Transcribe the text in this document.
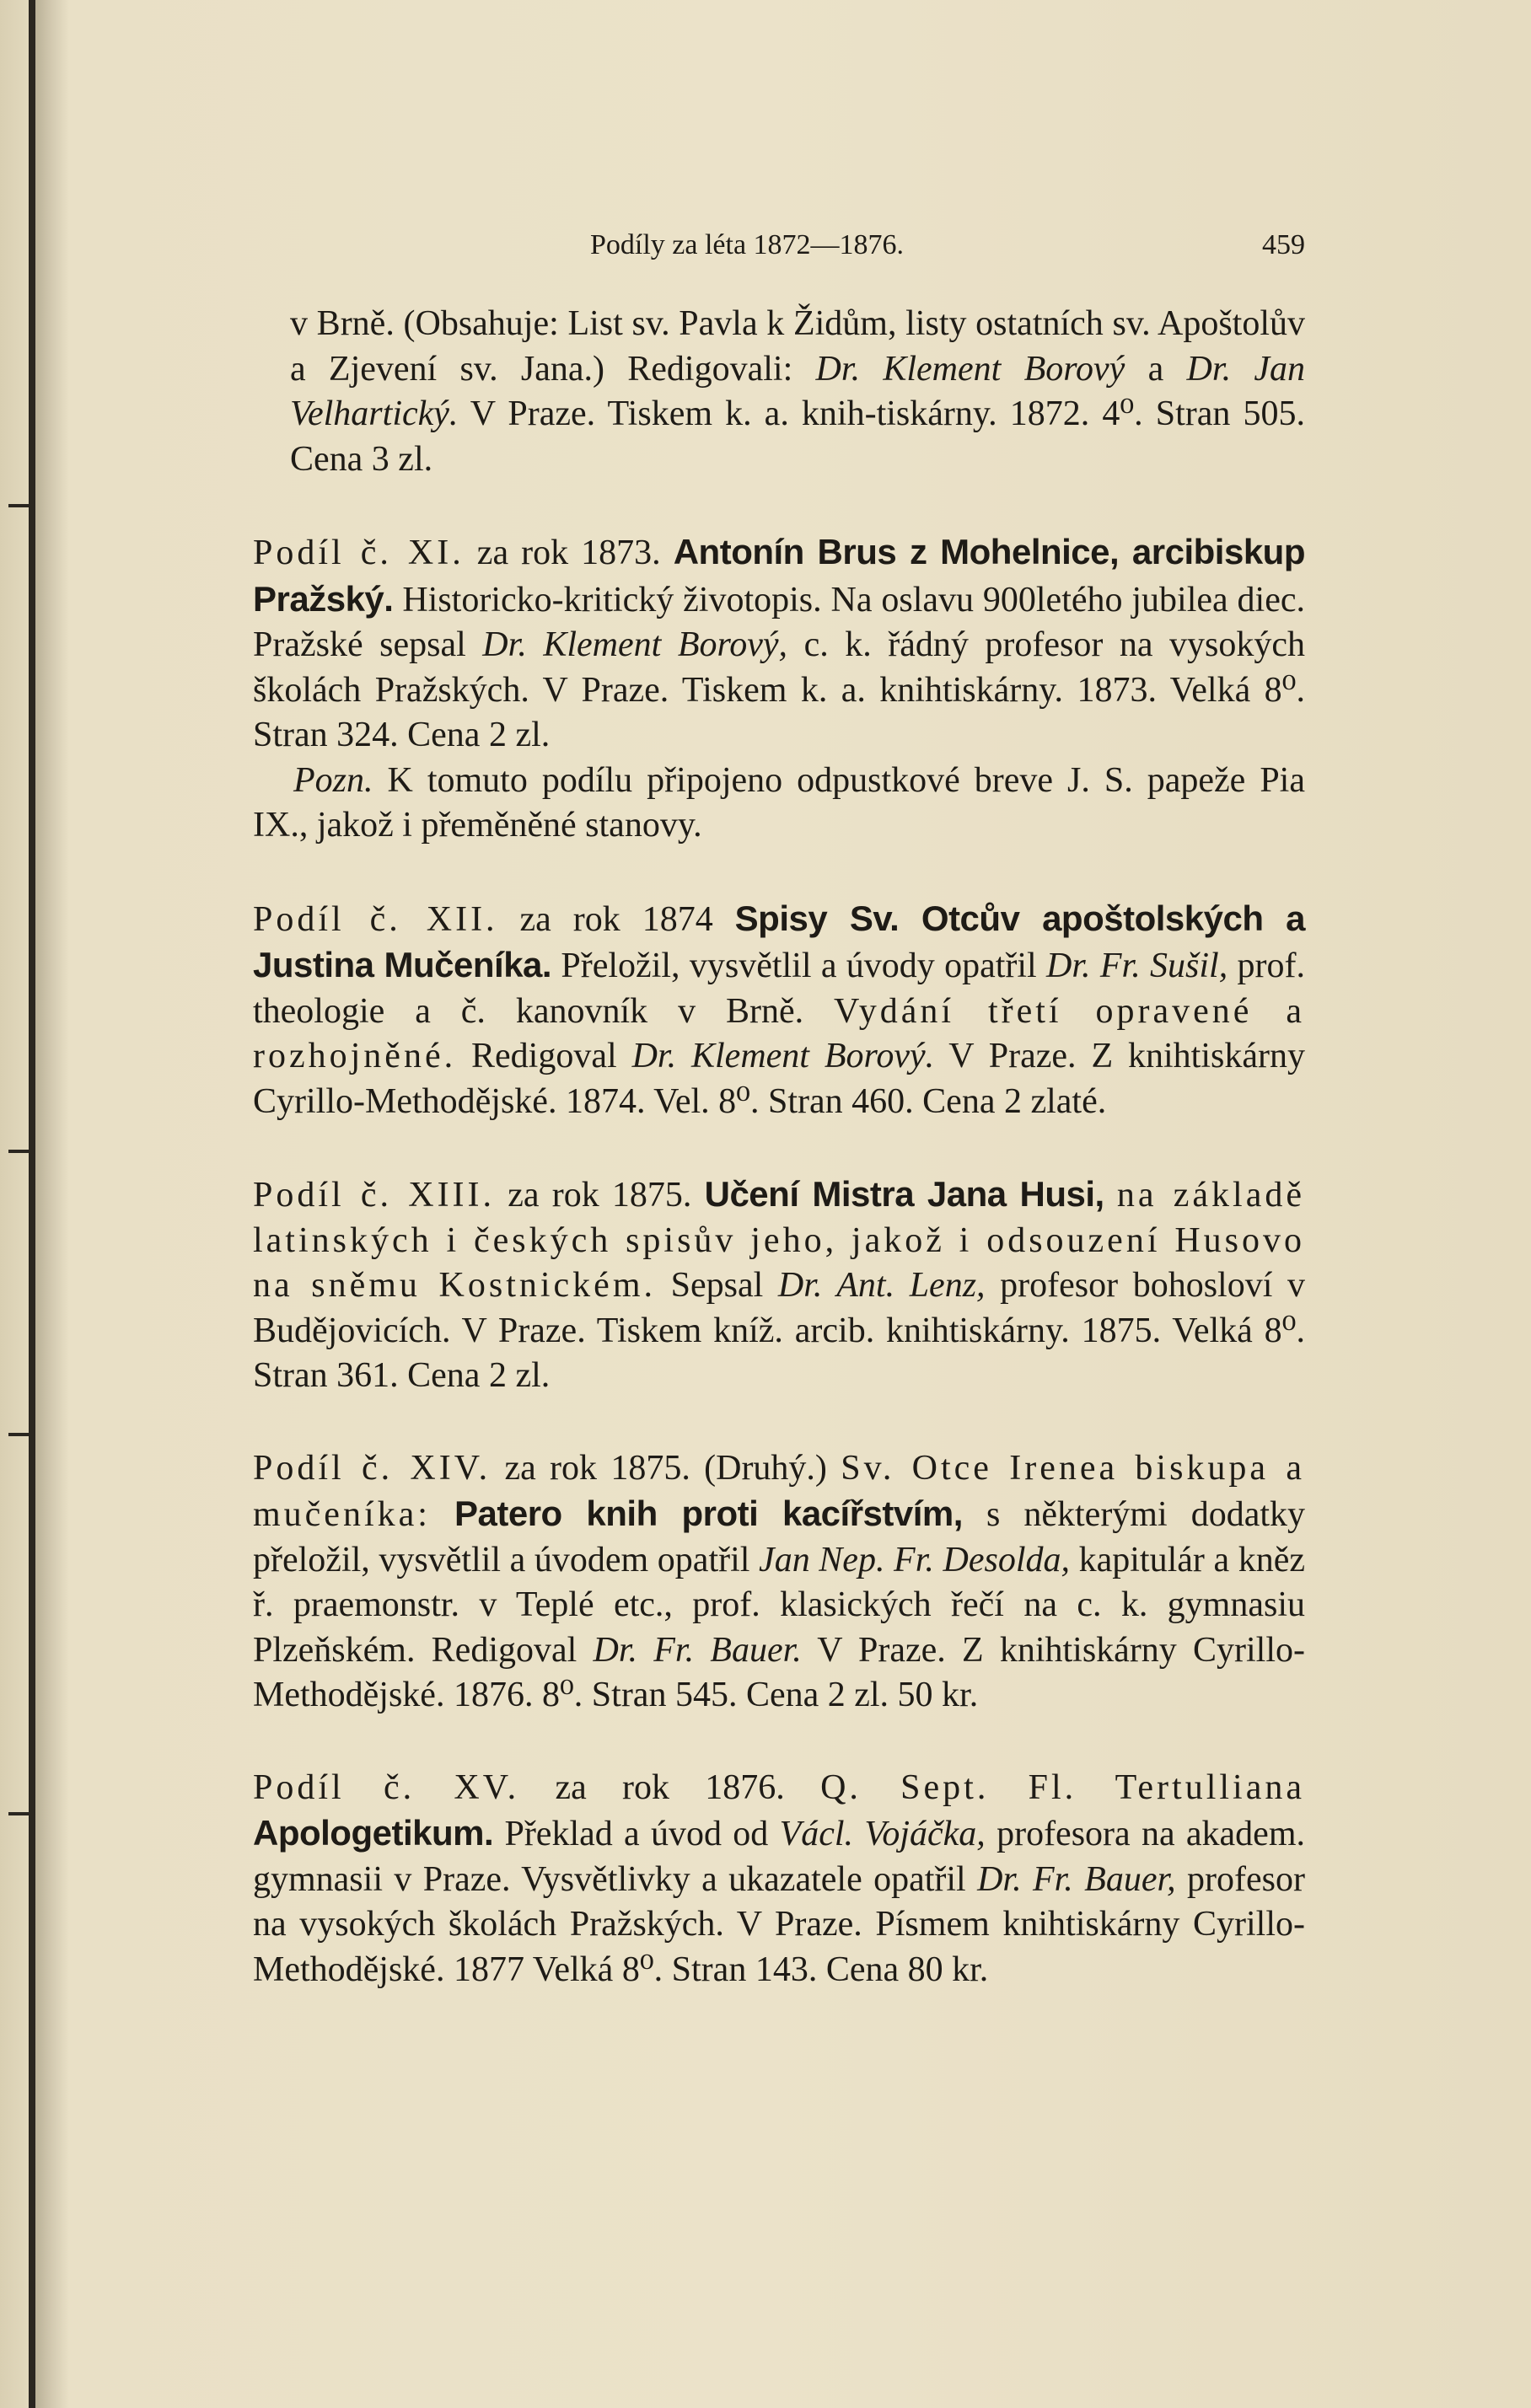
Podíly za léta 1872—1876.	459

v Brně. (Obsahuje: List sv. Pavla k Židům, listy ostatních sv. Apoštolův a Zjevení sv. Jana.) Redigovali: Dr. Klement Borový a Dr. Jan Velhartický. V Praze. Tiskem k. a. knih-tiskárny. 1872. 4⁰. Stran 505. Cena 3 zl.

Podíl č. XI. za rok 1873. Antonín Brus z Mohelnice, arcibiskup Pražský. Historicko-kritický životopis. Na oslavu 900letého jubilea diec. Pražské sepsal Dr. Klement Borový, c. k. řádný profesor na vysokých školách Pražských. V Praze. Tiskem k. a. knihtiskárny. 1873. Velká 8⁰. Stran 324. Cena 2 zl.

Pozn. K tomuto podílu připojeno odpustkové breve J. S. papeže Pia IX., jakož i přeměněné stanovy.

Podíl č. XII. za rok 1874 Spisy Sv. Otcův apoštolských a Justina Mučeníka. Přeložil, vysvětlil a úvody opatřil Dr. Fr. Sušil, prof. theologie a č. kanovník v Brně. Vydání třetí opravené a rozhojněné. Redigoval Dr. Klement Borový. V Praze. Z knihtiskárny Cyrillo-Methodějské. 1874. Vel. 8⁰. Stran 460. Cena 2 zlaté.

Podíl č. XIII. za rok 1875. Učení Mistra Jana Husi, na základě latinských i českých spisův jeho, jakož i odsouzení Husovo na sněmu Kostnickém. Sepsal Dr. Ant. Lenz, profesor bohosloví v Budějovicích. V Praze. Tiskem kníž. arcib. knihtiskárny. 1875. Velká 8⁰. Stran 361. Cena 2 zl.

Podíl č. XIV. za rok 1875. (Druhý.) Sv. Otce Irenea biskupa a mučeníka: Patero knih proti kacířstvím, s některými dodatky přeložil, vysvětlil a úvodem opatřil Jan Nep. Fr. Desolda, kapitulár a kněz ř. praemonstr. v Teplé etc., prof. klasických řečí na c. k. gymnasiu Plzeňském. Redigoval Dr. Fr. Bauer. V Praze. Z knihtiskárny Cyrillo-Methodějské. 1876. 8⁰. Stran 545. Cena 2 zl. 50 kr.

Podíl č. XV. za rok 1876. Q. Sept. Fl. Tertulliana Apologetikum. Překlad a úvod od Václ. Vojáčka, profesora na akadem. gymnasii v Praze. Vysvětlivky a ukazatele opatřil Dr. Fr. Bauer, profesor na vysokých školách Pražských. V Praze. Písmem knihtiskárny Cyrillo-Methodějské. 1877 Velká 8⁰. Stran 143. Cena 80 kr.
